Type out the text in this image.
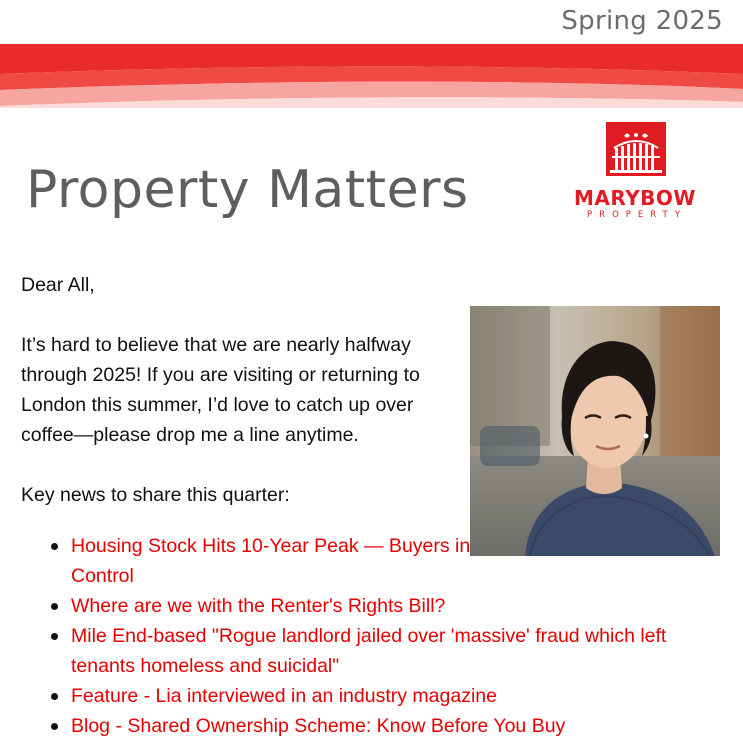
Spring 2025
Property Matters	MARYBOW
PROPERTY
Dear All,
It’s hard to believe that we are nearly halfway through 2025! If you are visiting or returning to London this summer, I’d love to catch up over coffee—please drop me a line anytime.
Key news to share this quarter:
Housing Stock Hits 10-Year Peak — Buyers in Control
Where are we with the Renter's Rights Bill?
Mile End-based "Rogue landlord jailed over 'massive' fraud which left tenants homeless and suicidal"
Feature - Lia interviewed in an industry magazine
Blog - Shared Ownership Scheme: Know Before You Buy
